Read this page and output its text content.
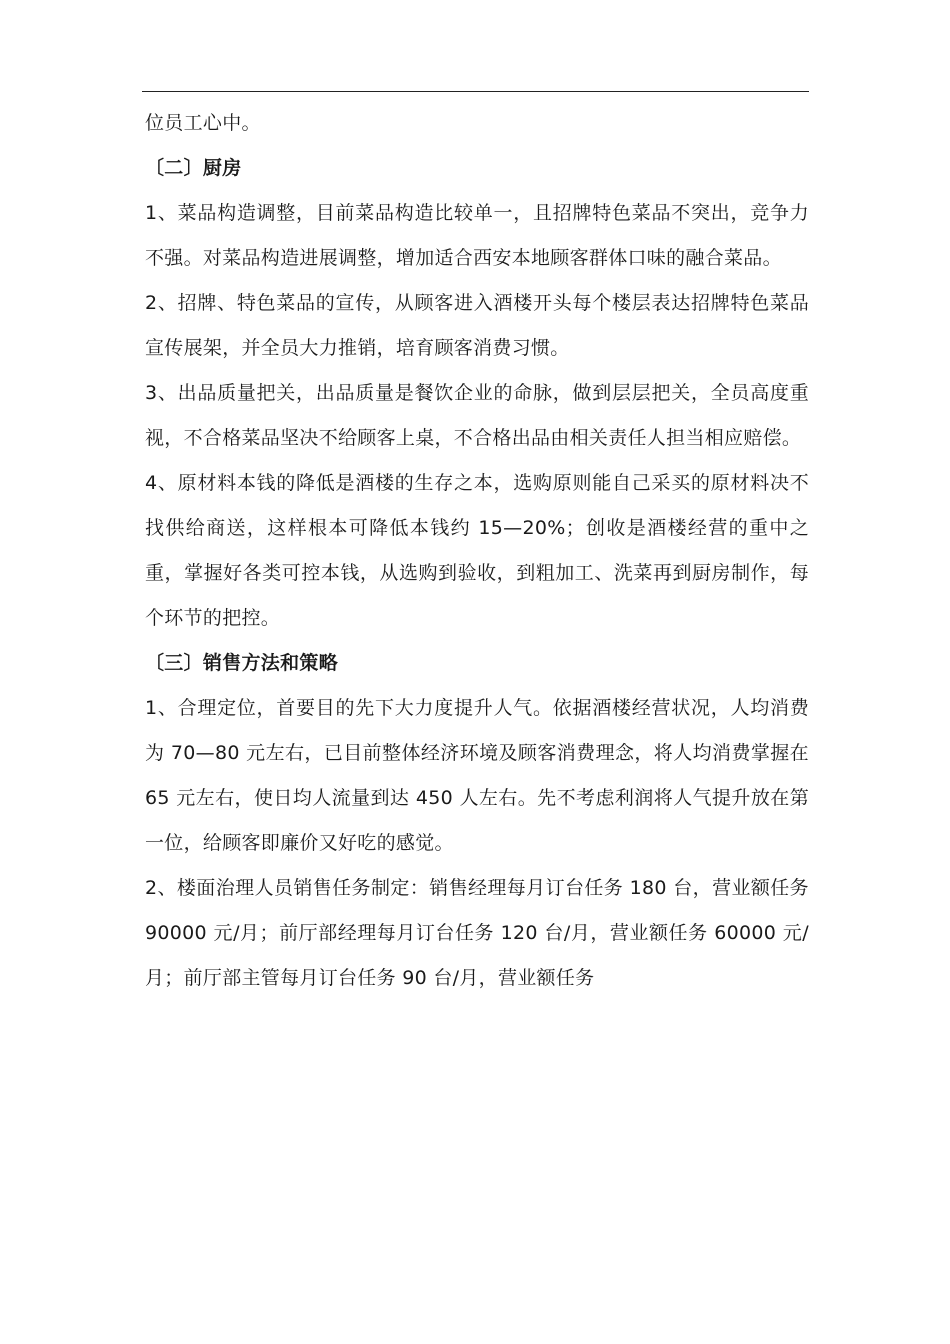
位员工心中。

〔二〕厨房

1、菜品构造调整，目前菜品构造比较单一，且招牌特色菜品不突出，竞争力不强。对菜品构造进展调整，增加适合西安本地顾客群体口味的融合菜品。

2、招牌、特色菜品的宣传，从顾客进入酒楼开头每个楼层表达招牌特色菜品宣传展架，并全员大力推销，培育顾客消费习惯。

3、出品质量把关，出品质量是餐饮企业的命脉，做到层层把关，全员高度重视，不合格菜品坚决不给顾客上桌，不合格出品由相关责任人担当相应赔偿。

4、原材料本钱的降低是酒楼的生存之本，选购原则能自己采买的原材料决不找供给商送，这样根本可降低本钱约 15—20%；创收是酒楼经营的重中之重，掌握好各类可控本钱，从选购到验收，到粗加工、洗菜再到厨房制作，每个环节的把控。

〔三〕销售方法和策略

1、合理定位，首要目的先下大力度提升人气。依据酒楼经营状况，人均消费为 70—80 元左右，已目前整体经济环境及顾客消费理念，将人均消费掌握在 65 元左右，使日均人流量到达 450 人左右。先不考虑利润将人气提升放在第一位，给顾客即廉价又好吃的感觉。

2、楼面治理人员销售任务制定：销售经理每月订台任务 180 台，营业额任务 90000 元/月；前厅部经理每月订台任务 120 台/月，营业额任务 60000 元/月；前厅部主管每月订台任务 90 台/月，营业额任务
